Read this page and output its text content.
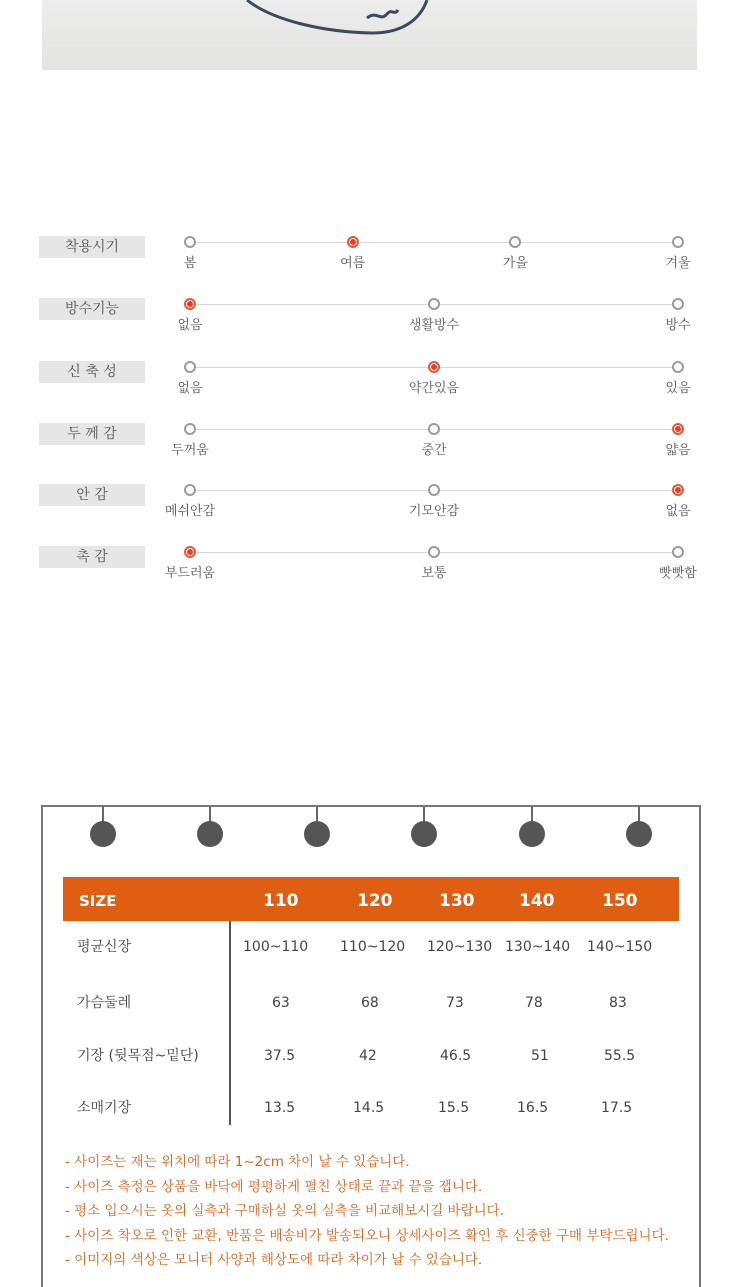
착용시기
봄	여름	가을	겨울
방수기능
없음	생활방수	방수
신 축 성
없음	약간있음	있음
두 께 감
두꺼움	중간	얇음
안 감
메쉬안감	기모안감	없음
촉 감
부드러움	보통	빳빳함
SIZE	110	120	130	140	150
평균신장	100~110 110~120 120~130 130~140 140~150
가슴둘레	63	68	73	78	83
기장 (뒷목점~밑단)	37.5	42	46.5	51	55.5
소매기장	13.5	14.5	15.5	16.5	17.5
- 사이즈는 재는 위치에 따라 1~2cm 차이 날 수 있습니다.
- 사이즈 측정은 상품을 바닥에 평평하게 펼친 상태로 끝과 끝을 잽니다.
- 평소 입으시는 옷의 실측과 구매하실 옷의 실측을 비교해보시길 바랍니다.
- 사이즈 착오로 인한 교환, 반품은 배송비가 발송되오니 상세사이즈 확인 후 신중한 구매 부탁드립니다.
- 이미지의 색상은 모니터 사양과 해상도에 따라 차이가 날 수 있습니다.
